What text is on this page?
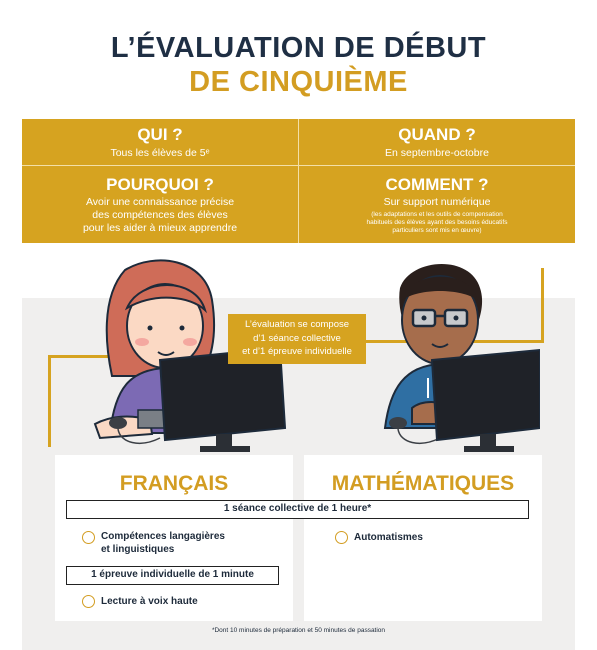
L’ÉVALUATION DE DÉBUT
DE CINQUIÈME
QUI ?
Tous les élèves de 5ᵉ
QUAND ?
En septembre-octobre
POURQUOI ?
Avoir une connaissance précise
des compétences des élèves
pour les aider à mieux apprendre
COMMENT ?
Sur support numérique
(les adaptations et les outils de compensation
habituels des élèves ayant des besoins éducatifs
particuliers sont mis en œuvre)
L’évaluation se compose
d’1 séance collective
et d’1 épreuve individuelle
FRANÇAIS	MATHÉMATIQUES
1 séance collective de 1 heure*
Compétences langagières
et linguistiques
1 épreuve individuelle de 1 minute
Lecture à voix haute
Automatismes
*Dont 10 minutes de préparation et 50 minutes de passation
